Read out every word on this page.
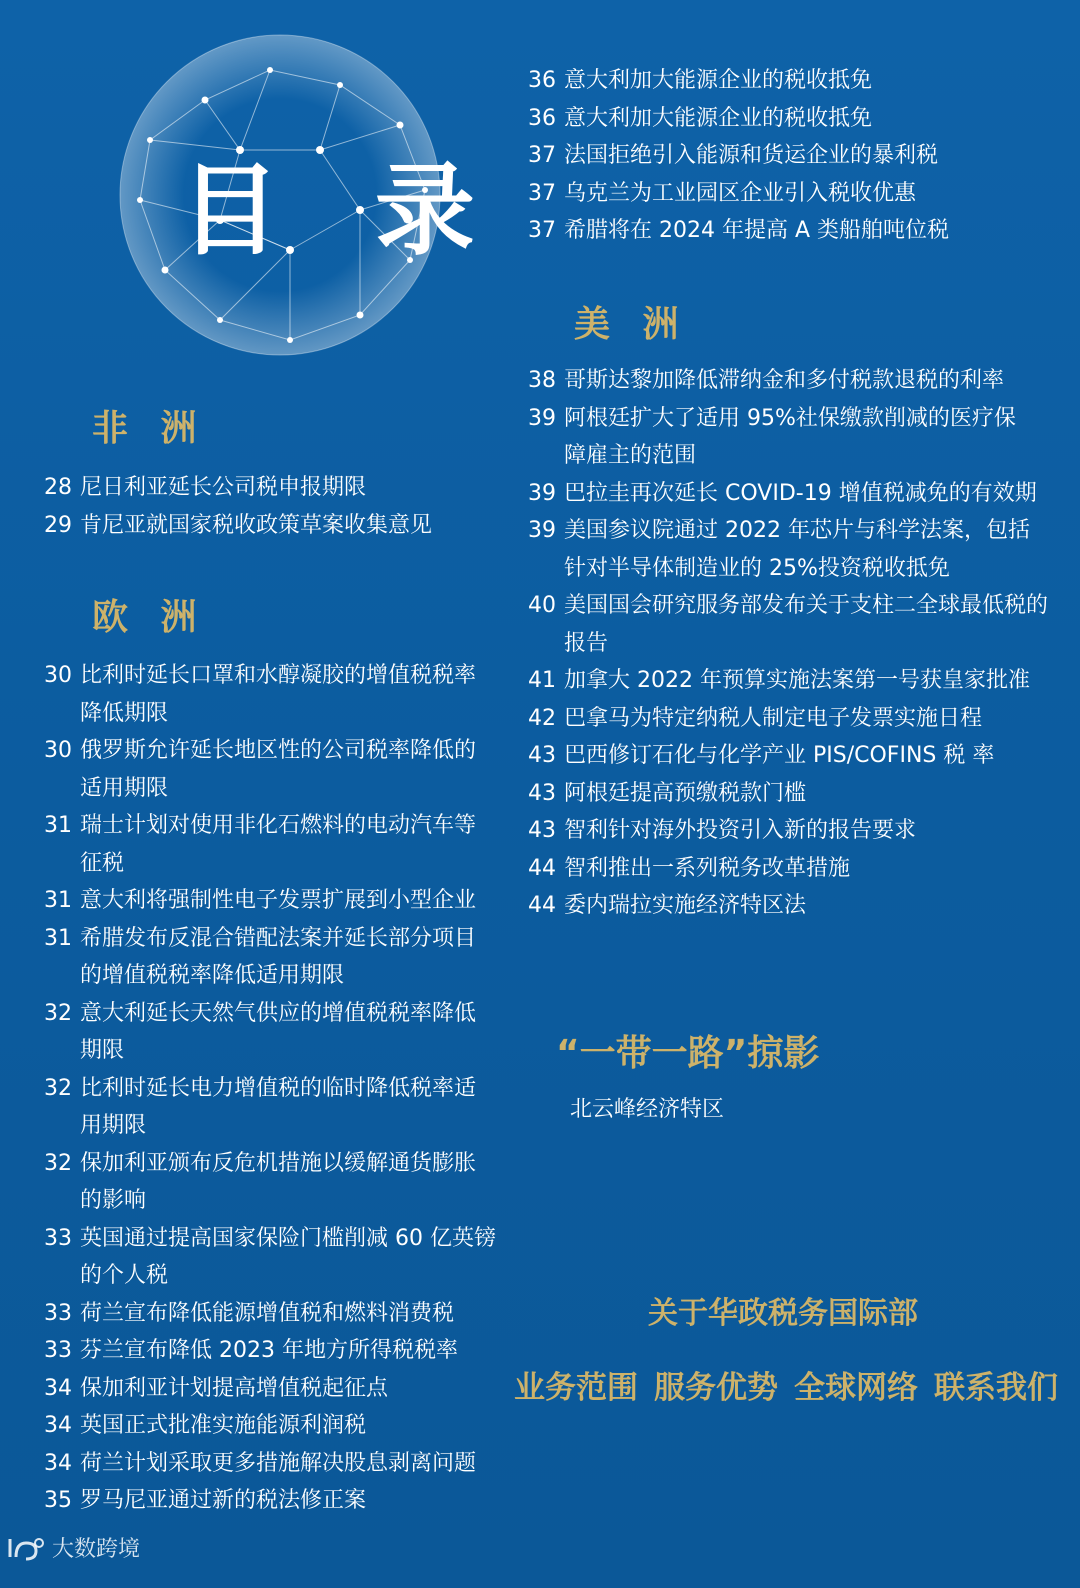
目 录
非 洲
28 尼日利亚延长公司税申报期限
29 肯尼亚就国家税收政策草案收集意见
欧 洲
30 比利时延长口罩和水醇凝胶的增值税税率降低期限
30 俄罗斯允许延长地区性的公司税率降低的适用期限
31 瑞士计划对使用非化石燃料的电动汽车等征税
31 意大利将强制性电子发票扩展到小型企业
31 希腊发布反混合错配法案并延长部分项目的增值税税率降低适用期限
32 意大利延长天然气供应的增值税税率降低期限
32 比利时延长电力增值税的临时降低税率适用期限
32 保加利亚颁布反危机措施以缓解通货膨胀的影响
33 英国通过提高国家保险门槛削减 60 亿英镑的个人税
33 荷兰宣布降低能源增值税和燃料消费税
33 芬兰宣布降低 2023 年地方所得税税率
34 保加利亚计划提高增值税起征点
34 英国正式批准实施能源利润税
34 荷兰计划采取更多措施解决股息剥离问题
35 罗马尼亚通过新的税法修正案
36 意大利加大能源企业的税收抵免
36 意大利加大能源企业的税收抵免
37 法国拒绝引入能源和货运企业的暴利税
37 乌克兰为工业园区企业引入税收优惠
37 希腊将在 2024 年提高 A 类船舶吨位税
美 洲
38 哥斯达黎加降低滞纳金和多付税款退税的利率
39 阿根廷扩大了适用 95%社保缴款削减的医疗保障雇主的范围
39 巴拉圭再次延长 COVID-19 增值税减免的有效期
39 美国参议院通过 2022 年芯片与科学法案，包括针对半导体制造业的 25%投资税收抵免
40 美国国会研究服务部发布关于支柱二全球最低税的报告
41 加拿大 2022 年预算实施法案第一号获皇家批准
42 巴拿马为特定纳税人制定电子发票实施日程
43 巴西修订石化与化学产业 PIS/COFINS 税 率
43 阿根廷提高预缴税款门槛
43 智利针对海外投资引入新的报告要求
44 智利推出一系列税务改革措施
44 委内瑞拉实施经济特区法
“一带一路”掠影
北云峰经济特区
关于华政税务国际部
业务范围 服务优势 全球网络 联系我们
大数跨境
